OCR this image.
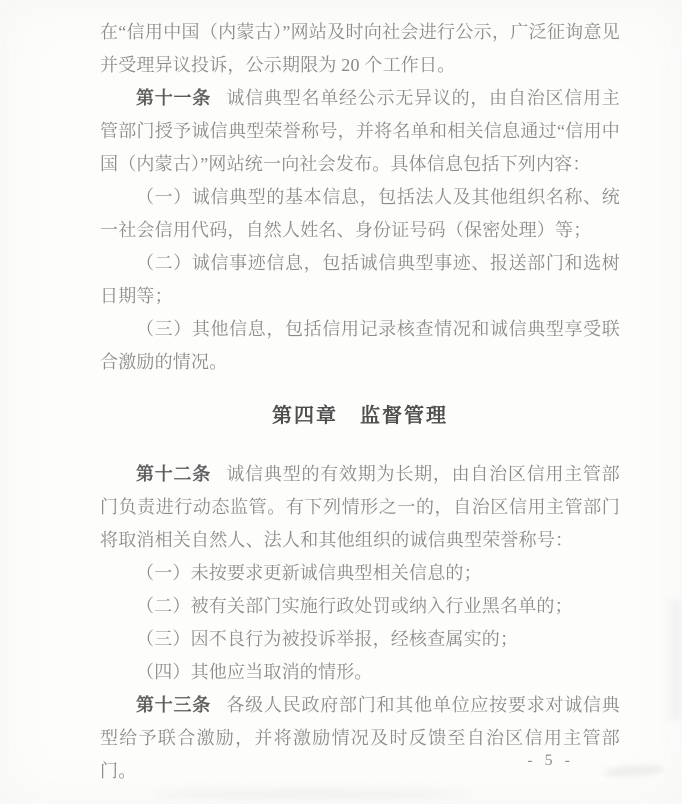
在“信用中国（内蒙古）”网站及时向社会进行公示，广泛征询意见并受理异议投诉，公示期限为 20 个工作日。

第十一条 诚信典型名单经公示无异议的，由自治区信用主管部门授予诚信典型荣誉称号，并将名单和相关信息通过“信用中国（内蒙古）”网站统一向社会发布。具体信息包括下列内容：

（一）诚信典型的基本信息，包括法人及其他组织名称、统一社会信用代码，自然人姓名、身份证号码（保密处理）等；

（二）诚信事迹信息，包括诚信典型事迹、报送部门和选树日期等；

（三）其他信息，包括信用记录核查情况和诚信典型享受联合激励的情况。

第四章　监督管理

第十二条 诚信典型的有效期为长期，由自治区信用主管部门负责进行动态监管。有下列情形之一的，自治区信用主管部门将取消相关自然人、法人和其他组织的诚信典型荣誉称号：

（一）未按要求更新诚信典型相关信息的；

（二）被有关部门实施行政处罚或纳入行业黑名单的；

（三）因不良行为被投诉举报，经核查属实的；

（四）其他应当取消的情形。

第十三条 各级人民政府部门和其他单位应按要求对诚信典型给予联合激励，并将激励情况及时反馈至自治区信用主管部门。

- 5 -
